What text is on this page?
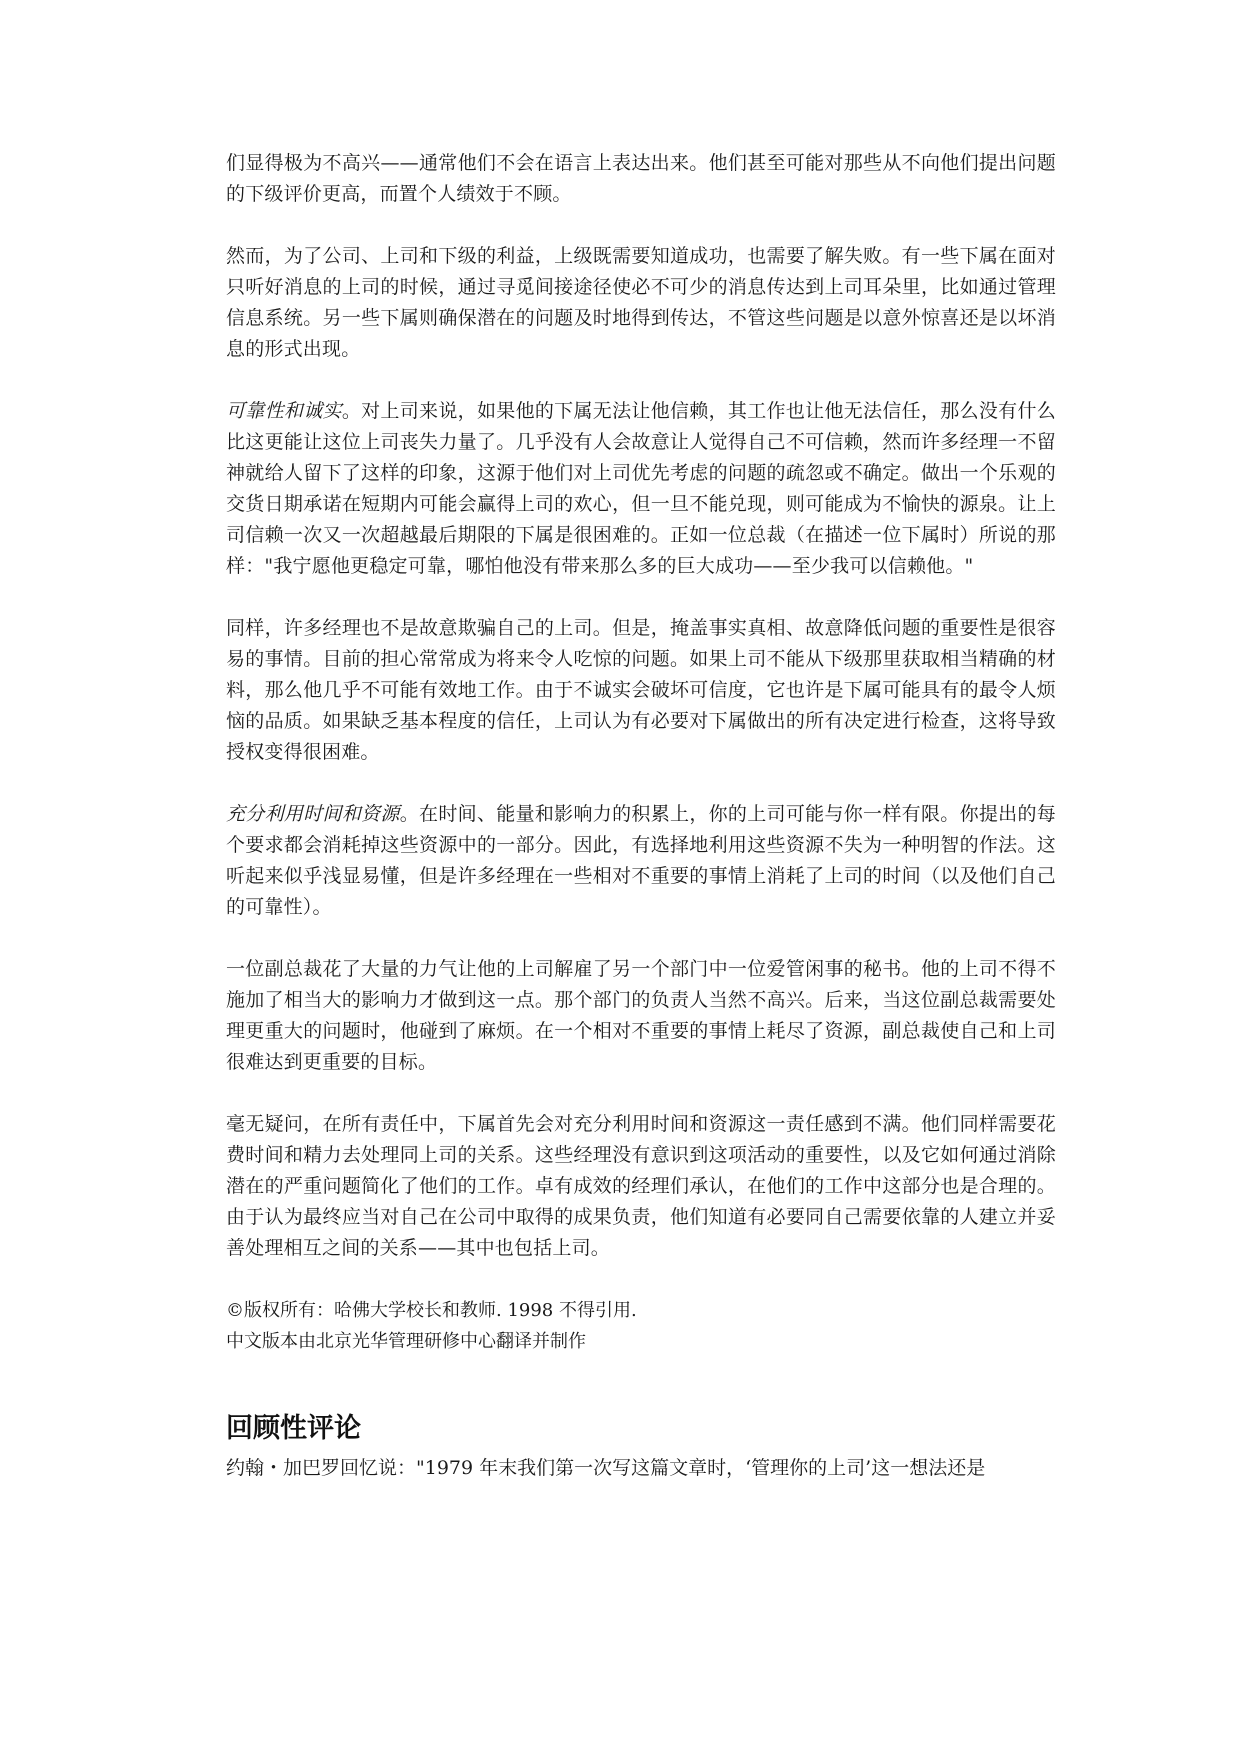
们显得极为不高兴——通常他们不会在语言上表达出来。他们甚至可能对那些从不向他们提出问题的下级评价更高，而置个人绩效于不顾。

然而，为了公司、上司和下级的利益，上级既需要知道成功，也需要了解失败。有一些下属在面对只听好消息的上司的时候，通过寻觅间接途径使必不可少的消息传达到上司耳朵里，比如通过管理信息系统。另一些下属则确保潜在的问题及时地得到传达，不管这些问题是以意外惊喜还是以坏消息的形式出现。

可靠性和诚实。对上司来说，如果他的下属无法让他信赖，其工作也让他无法信任，那么没有什么比这更能让这位上司丧失力量了。几乎没有人会故意让人觉得自己不可信赖，然而许多经理一不留神就给人留下了这样的印象，这源于他们对上司优先考虑的问题的疏忽或不确定。做出一个乐观的交货日期承诺在短期内可能会赢得上司的欢心，但一旦不能兑现，则可能成为不愉快的源泉。让上司信赖一次又一次超越最后期限的下属是很困难的。正如一位总裁（在描述一位下属时）所说的那样："我宁愿他更稳定可靠，哪怕他没有带来那么多的巨大成功——至少我可以信赖他。"

同样，许多经理也不是故意欺骗自己的上司。但是，掩盖事实真相、故意降低问题的重要性是很容易的事情。目前的担心常常成为将来令人吃惊的问题。如果上司不能从下级那里获取相当精确的材料，那么他几乎不可能有效地工作。由于不诚实会破坏可信度，它也许是下属可能具有的最令人烦恼的品质。如果缺乏基本程度的信任，上司认为有必要对下属做出的所有决定进行检查，这将导致授权变得很困难。

充分利用时间和资源。在时间、能量和影响力的积累上，你的上司可能与你一样有限。你提出的每个要求都会消耗掉这些资源中的一部分。因此，有选择地利用这些资源不失为一种明智的作法。这听起来似乎浅显易懂，但是许多经理在一些相对不重要的事情上消耗了上司的时间（以及他们自己的可靠性）。

一位副总裁花了大量的力气让他的上司解雇了另一个部门中一位爱管闲事的秘书。他的上司不得不施加了相当大的影响力才做到这一点。那个部门的负责人当然不高兴。后来，当这位副总裁需要处理更重大的问题时，他碰到了麻烦。在一个相对不重要的事情上耗尽了资源，副总裁使自己和上司很难达到更重要的目标。

毫无疑问，在所有责任中，下属首先会对充分利用时间和资源这一责任感到不满。他们同样需要花费时间和精力去处理同上司的关系。这些经理没有意识到这项活动的重要性，以及它如何通过消除潜在的严重问题简化了他们的工作。卓有成效的经理们承认，在他们的工作中这部分也是合理的。由于认为最终应当对自己在公司中取得的成果负责，他们知道有必要同自己需要依靠的人建立并妥善处理相互之间的关系——其中也包括上司。

©版权所有：哈佛大学校长和教师. 1998 不得引用.
中文版本由北京光华管理研修中心翻译并制作
回顾性评论
约翰・加巴罗回忆说："1979 年末我们第一次写这篇文章时，‘管理你的上司’这一想法还是
